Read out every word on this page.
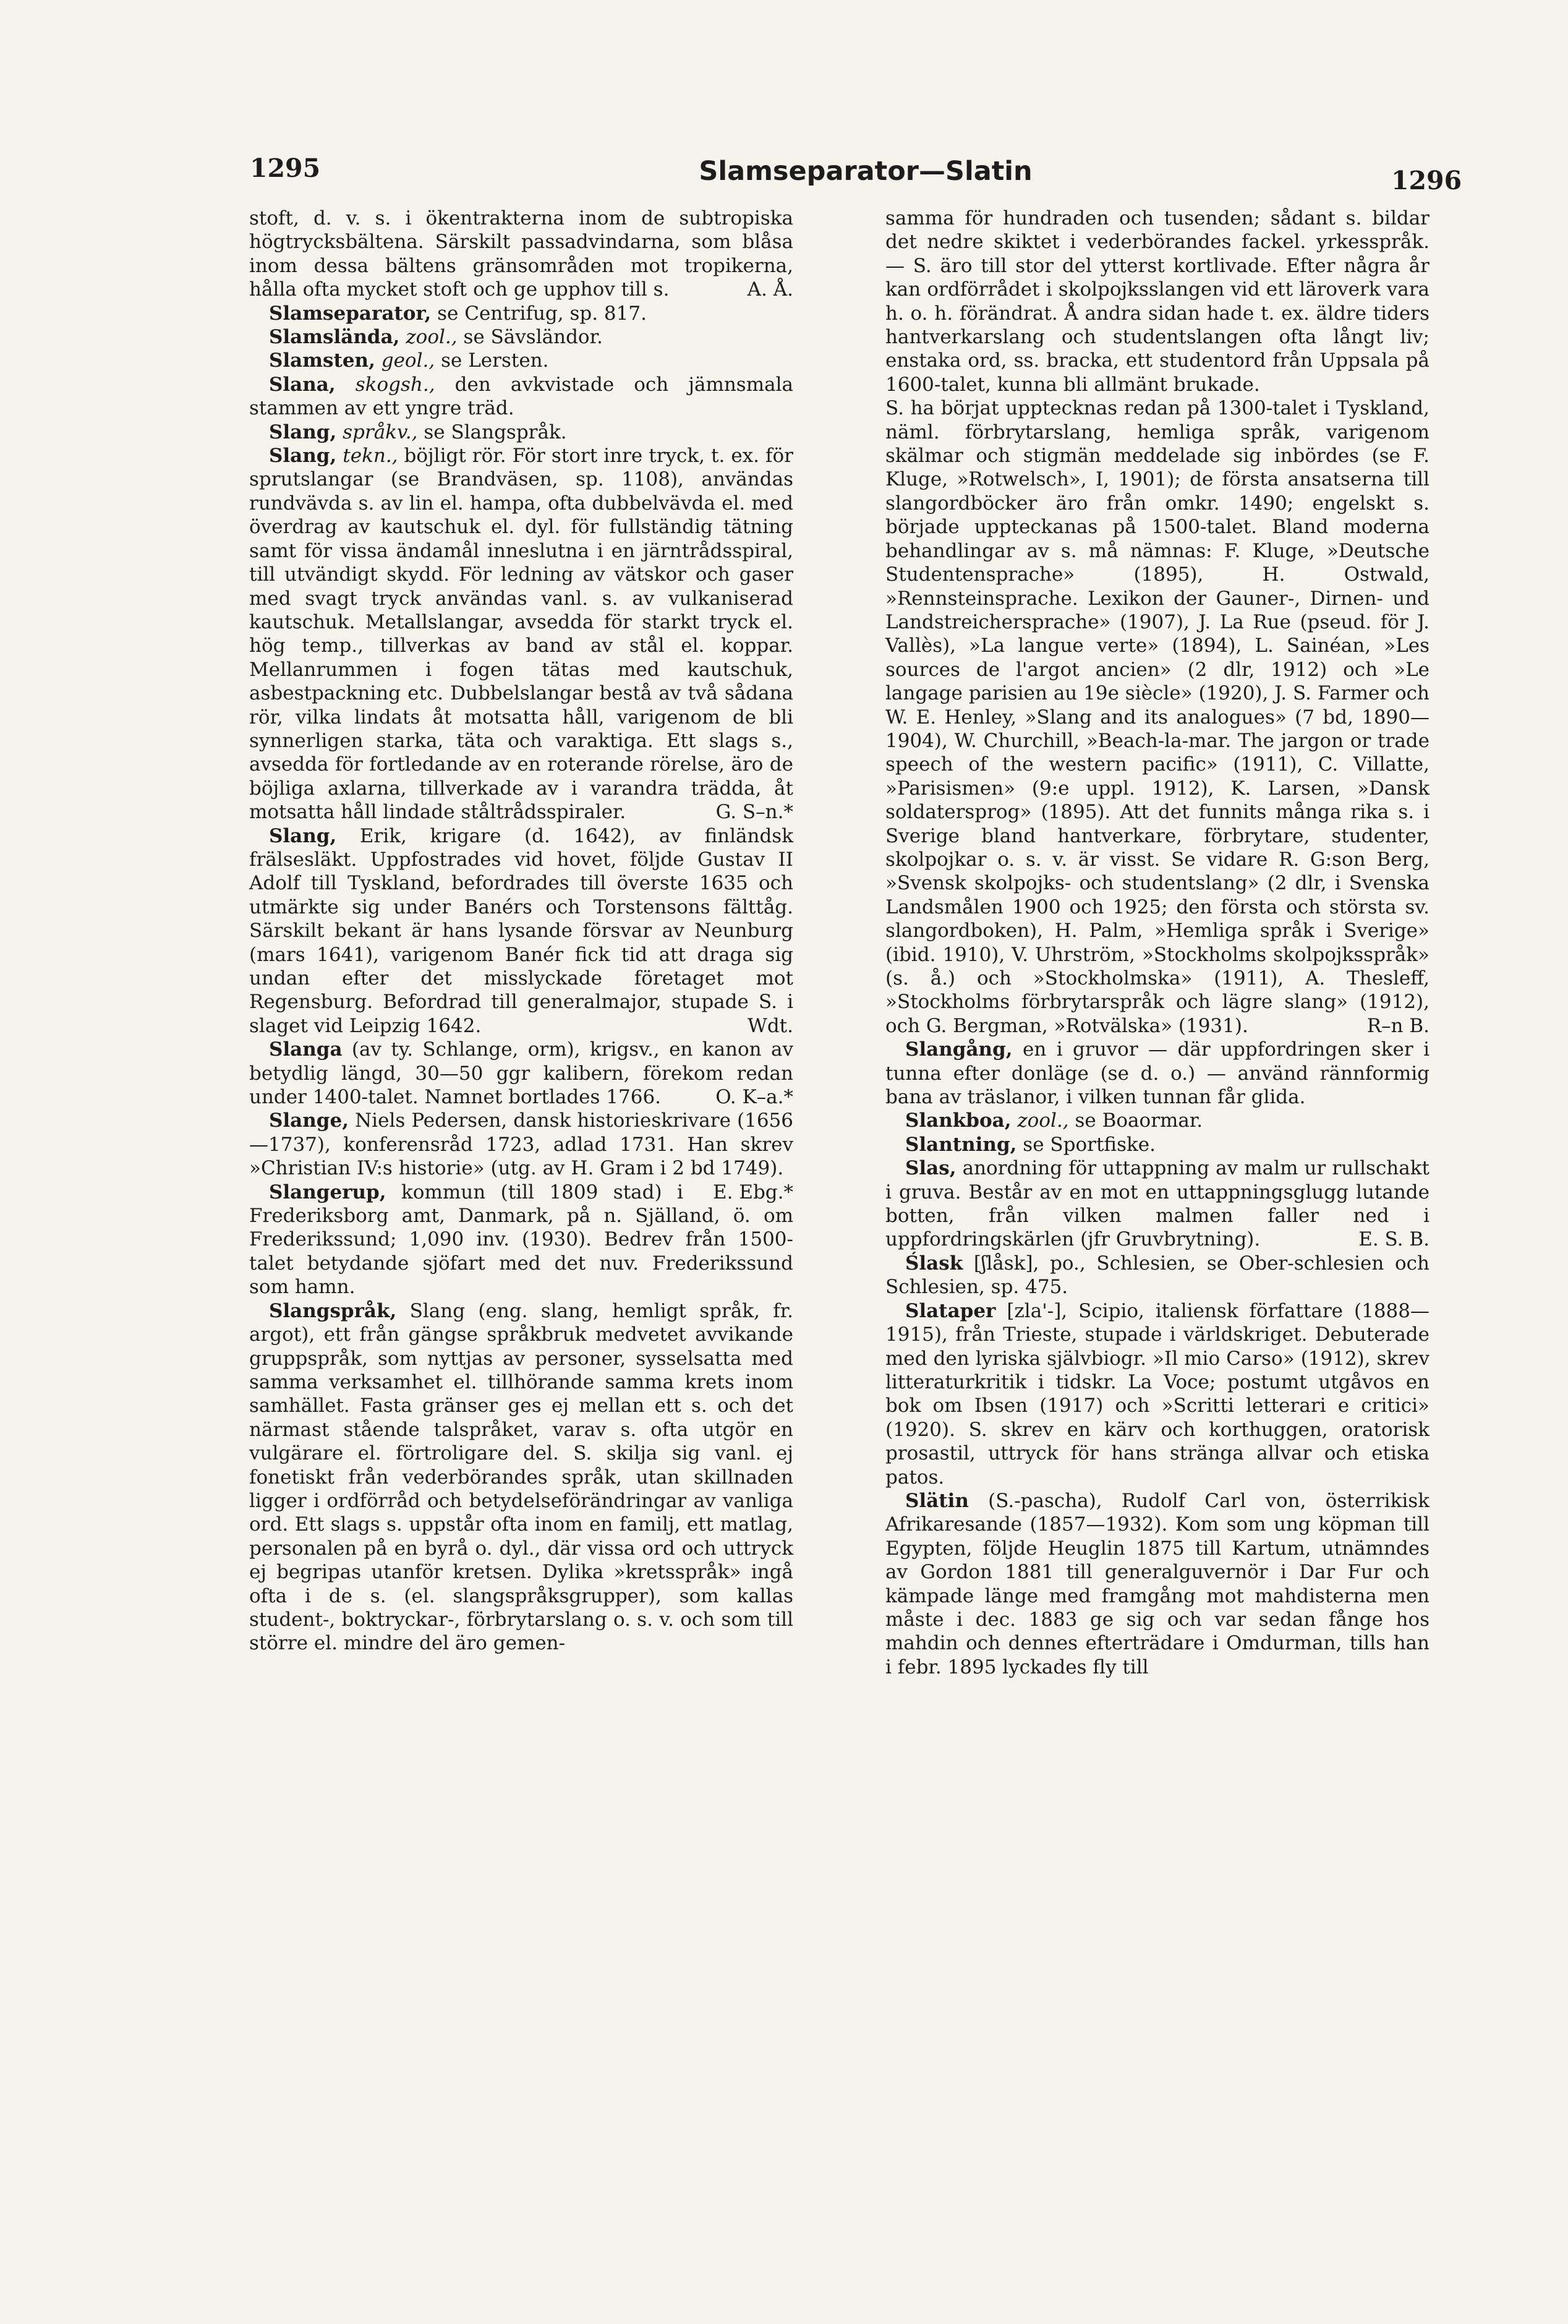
1295	Slamseparator—Slatin	1296

stoft, d. v. s. i ökentrakterna inom de subtropiska högtrycksbältena. Särskilt passadvindarna, som blåsa inom dessa bältens gränsområden mot tropikerna, hålla ofta mycket stoft och ge upphov till s.	A. Å.

Slamseparator, se Centrifug, sp. 817.

Slamslända, zool., se Sävsländor.

Slamsten, geol., se Lersten.

Slana, skogsh., den avkvistade och jämnsmala stammen av ett yngre träd.

Slang, språkv., se Slangspråk.

Slang, tekn., böjligt rör. För stort inre tryck, t. ex. för sprutslangar (se Brandväsen, sp. 1108), användas rundvävda s. av lin el. hampa, ofta dubbelvävda el. med överdrag av kautschuk el. dyl. för fullständig tätning samt för vissa ändamål inneslutna i en järntrådsspiral, till utvändigt skydd. För ledning av vätskor och gaser med svagt tryck användas vanl. s. av vulkaniserad kautschuk. Metallslangar, avsedda för starkt tryck el. hög temp., tillverkas av band av stål el. koppar. Mellanrummen i fogen tätas med kautschuk, asbestpackning etc. Dubbelslangar bestå av två sådana rör, vilka lindats åt motsatta håll, varigenom de bli synnerligen starka, täta och varaktiga. Ett slags s., avsedda för fortledande av en roterande rörelse, äro de böjliga axlarna, tillverkade av i varandra trädda, åt motsatta håll lindade ståltrådsspiraler.	G. S–n.*

Slang, Erik, krigare (d. 1642), av finländsk frälsesläkt. Uppfostrades vid hovet, följde Gustav II Adolf till Tyskland, befordrades till överste 1635 och utmärkte sig under Banérs och Torstensons fälttåg. Särskilt bekant är hans lysande försvar av Neunburg (mars 1641), varigenom Banér fick tid att draga sig undan efter det misslyckade företaget mot Regensburg. Befordrad till generalmajor, stupade S. i slaget vid Leipzig 1642.	Wdt.

Slanga (av ty. Schlange, orm), krigsv., en kanon av betydlig längd, 30—50 ggr kalibern, förekom redan under 1400-talet. Namnet bortlades 1766.	O. K–a.*

Slange, Niels Pedersen, dansk historieskrivare (1656—1737), konferensråd 1723, adlad 1731. Han skrev »Christian IV:s historie» (utg. av H. Gram i 2 bd 1749).
E. Ebg.*

Slangerup, kommun (till 1809 stad) i Frederiksborg amt, Danmark, på n. Själland, ö. om Frederikssund; 1,090 inv. (1930). Bedrev från 1500-talet betydande sjöfart med det nuv. Frederikssund som hamn.

Slangspråk, Slang (eng. slang, hemligt språk, fr. argot), ett från gängse språkbruk medvetet avvikande gruppspråk, som nyttjas av personer, sysselsatta med samma verksamhet el. tillhörande samma krets inom samhället. Fasta gränser ges ej mellan ett s. och det närmast stående talspråket, varav s. ofta utgör en vulgärare el. förtroligare del. S. skilja sig vanl. ej fonetiskt från vederbörandes språk, utan skillnaden ligger i ordförråd och betydelseförändringar av vanliga ord. Ett slags s. uppstår ofta inom en familj, ett matlag, personalen på en byrå o. dyl., där vissa ord och uttryck ej begripas utanför kretsen. Dylika »kretsspråk» ingå ofta i de s. (el. slangspråksgrupper), som kallas student-, boktryckar-, förbrytarslang o. s. v. och som till större el. mindre del äro gemen-

samma för hundraden och tusenden; sådant s. bildar det nedre skiktet i vederbörandes fackel. yrkesspråk. — S. äro till stor del ytterst kortlivade. Efter några år kan ordförrådet i skolpojksslangen vid ett läroverk vara h. o. h. förändrat. Å andra sidan hade t. ex. äldre tiders hantverkarslang och studentslangen ofta långt liv; enstaka ord, ss. bracka, ett studentord från Uppsala på 1600-talet, kunna bli allmänt brukade.

S. ha börjat upptecknas redan på 1300-talet i Tyskland, näml. förbrytarslang, hemliga språk, varigenom skälmar och stigmän meddelade sig inbördes (se F. Kluge, »Rotwelsch», I, 1901); de första ansatserna till slangordböcker äro från omkr. 1490; engelskt s. började uppteckanas på 1500-talet. Bland moderna behandlingar av s. må nämnas: F. Kluge, »Deutsche Studentensprache» (1895), H. Ostwald, »Rennsteinsprache. Lexikon der Gauner-, Dirnen- und Landstreichersprache» (1907), J. La Rue (pseud. för J. Vallès), »La langue verte» (1894), L. Sainéan, »Les sources de l'argot ancien» (2 dlr, 1912) och »Le langage parisien au 19e siècle» (1920), J. S. Farmer och W. E. Henley, »Slang and its analogues» (7 bd, 1890—1904), W. Churchill, »Beach-la-mar. The jargon or trade speech of the western pacific» (1911), C. Villatte, »Parisismen» (9:e uppl. 1912), K. Larsen, »Dansk soldatersprog» (1895). Att det funnits många rika s. i Sverige bland hantverkare, förbrytare, studenter, skolpojkar o. s. v. är visst. Se vidare R. G:son Berg, »Svensk skolpojks- och studentslang» (2 dlr, i Svenska Landsmålen 1900 och 1925; den första och största sv. slangordboken), H. Palm, »Hemliga språk i Sverige» (ibid. 1910), V. Uhrström, »Stockholms skolpojksspråk» (s. å.) och »Stockholmska» (1911), A. Thesleff, »Stockholms förbrytarspråk och lägre slang» (1912), och G. Bergman, »Rotvälska» (1931).	R–n B.

Slangång, en i gruvor — där uppfordringen sker i tunna efter donläge (se d. o.) — använd rännformig bana av träslanor, i vilken tunnan får glida.

Slankboa, zool., se Boaormar.

Slantning, se Sportfiske.

Slas, anordning för uttappning av malm ur rullschakt i gruva. Består av en mot en uttappningsglugg lutande botten, från vilken malmen faller ned i uppfordringskärlen (jfr Gruvbrytning).	E. S. B.

Ślask [ʃlåsk], po., Schlesien, se Ober-schlesien och Schlesien, sp. 475.

Slataper [zla'-], Scipio, italiensk författare (1888—1915), från Trieste, stupade i världskriget. Debuterade med den lyriska självbiogr. »Il mio Carso» (1912), skrev litteraturkritik i tidskr. La Voce; postumt utgåvos en bok om Ibsen (1917) och »Scritti letterari e critici» (1920). S. skrev en kärv och korthuggen, oratorisk prosastil, uttryck för hans stränga allvar och etiska patos.

Slätin (S.-pascha), Rudolf Carl von, österrikisk Afrikaresande (1857—1932). Kom som ung köpman till Egypten, följde Heuglin 1875 till Kartum, utnämndes av Gordon 1881 till generalguvernör i Dar Fur och kämpade länge med framgång mot mahdisterna men måste i dec. 1883 ge sig och var sedan fånge hos mahdin och dennes efterträdare i Omdurman, tills han i febr. 1895 lyckades fly till
